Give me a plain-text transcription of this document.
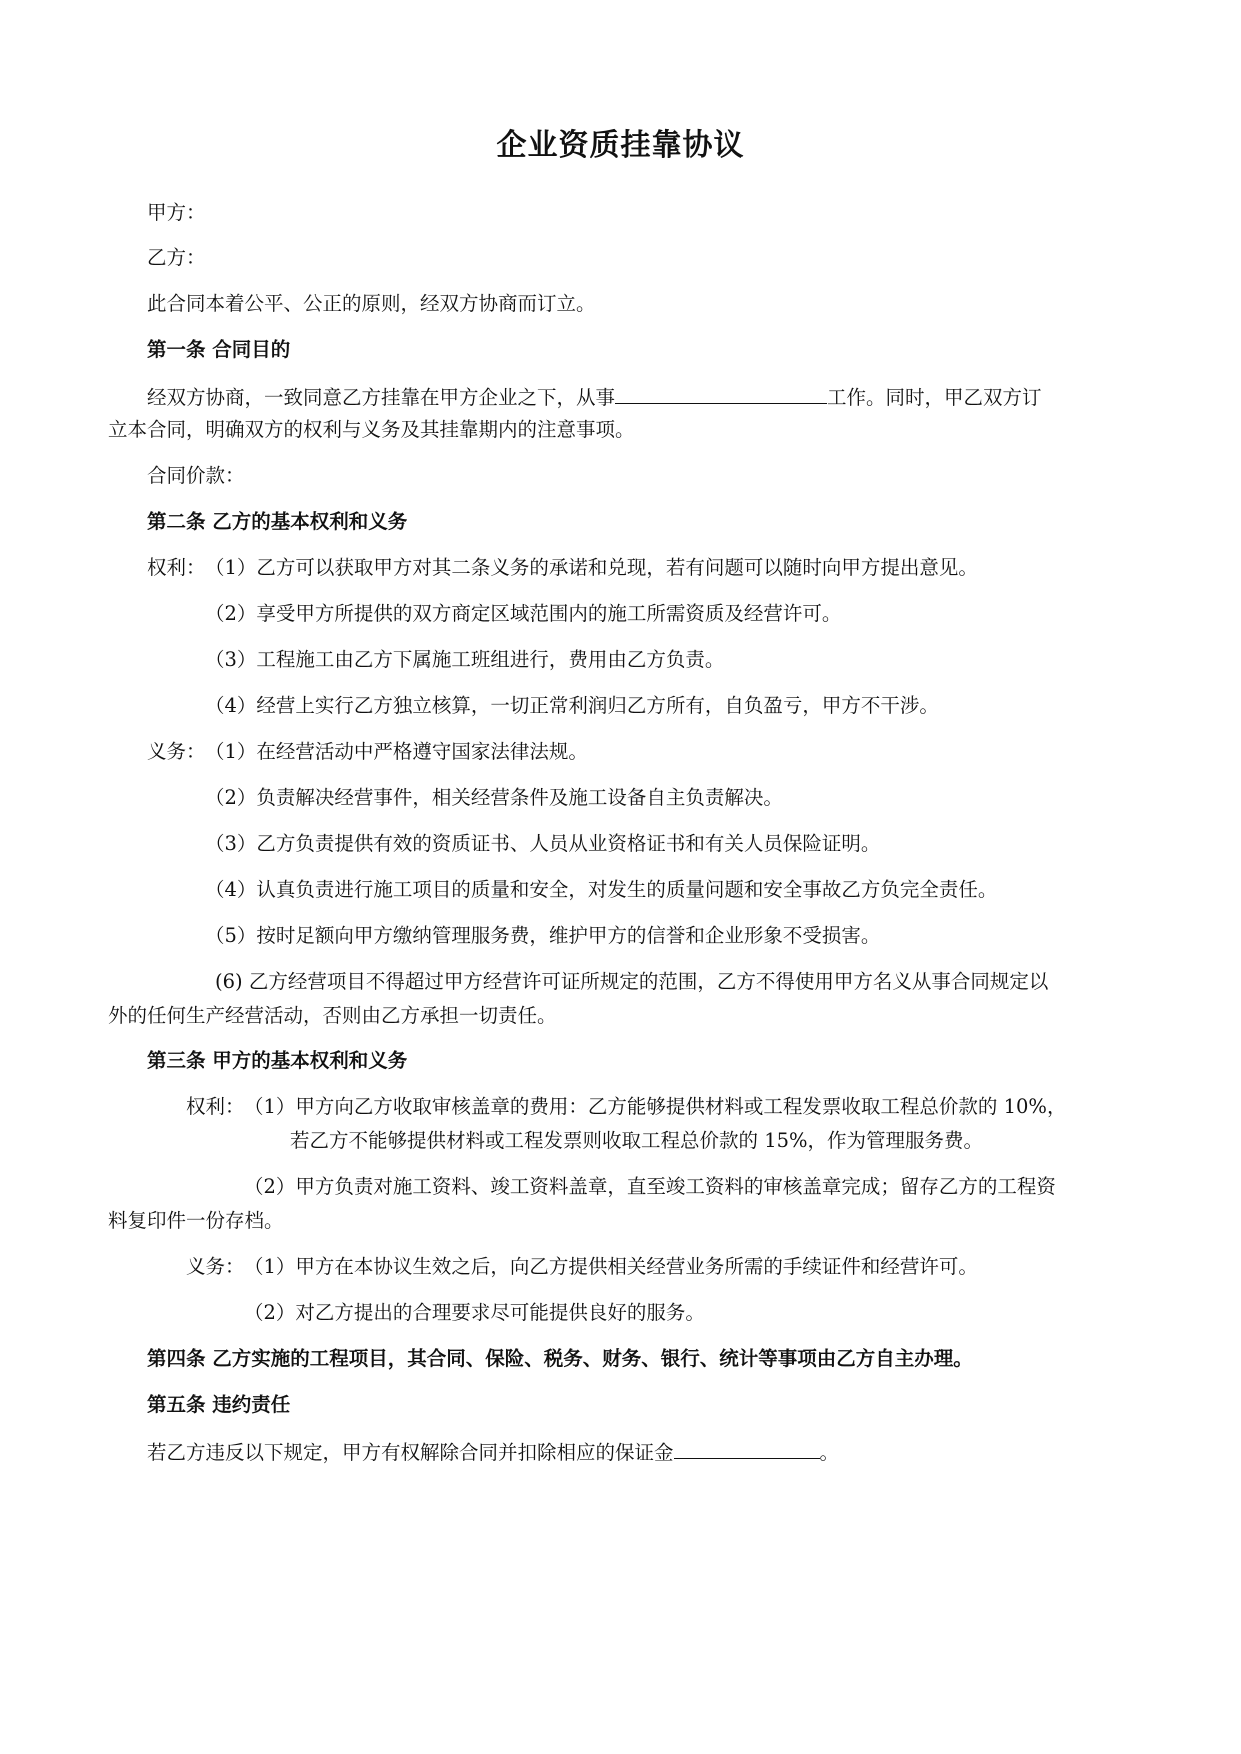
企业资质挂靠协议
甲方：
乙方：
此合同本着公平、公正的原则，经双方协商而订立。
第一条 合同目的
经双方协商，一致同意乙方挂靠在甲方企业之下，从事	工作。同时，甲乙双方订
立本合同，明确双方的权利与义务及其挂靠期内的注意事项。
合同价款：
第二条 乙方的基本权利和义务
权利： （1）乙方可以获取甲方对其二条义务的承诺和兑现，若有问题可以随时向甲方提出意见。
（2）享受甲方所提供的双方商定区域范围内的施工所需资质及经营许可。
（3）工程施工由乙方下属施工班组进行，费用由乙方负责。
（4）经营上实行乙方独立核算，一切正常利润归乙方所有，自负盈亏，甲方不干涉。
义务： （1）在经营活动中严格遵守国家法律法规。
（2）负责解决经营事件，相关经营条件及施工设备自主负责解决。
（3）乙方负责提供有效的资质证书、人员从业资格证书和有关人员保险证明。
（4）认真负责进行施工项目的质量和安全，对发生的质量问题和安全事故乙方负完全责任。
（5）按时足额向甲方缴纳管理服务费，维护甲方的信誉和企业形象不受损害。
(6) 乙方经营项目不得超过甲方经营许可证所规定的范围，乙方不得使用甲方名义从事合同规定以
外的任何生产经营活动，否则由乙方承担一切责任。
第三条 甲方的基本权利和义务
权利： （1）甲方向乙方收取审核盖章的费用：乙方能够提供材料或工程发票收取工程总价款的 10%，
若乙方不能够提供材料或工程发票则收取工程总价款的 15%，作为管理服务费。
（2）甲方负责对施工资料、竣工资料盖章，直至竣工资料的审核盖章完成；留存乙方的工程资
料复印件一份存档。
义务： （1）甲方在本协议生效之后，向乙方提供相关经营业务所需的手续证件和经营许可。
（2）对乙方提出的合理要求尽可能提供良好的服务。
第四条 乙方实施的工程项目，其合同、保险、税务、财务、银行、统计等事项由乙方自主办理。
第五条 违约责任
若乙方违反以下规定，甲方有权解除合同并扣除相应的保证金	。
